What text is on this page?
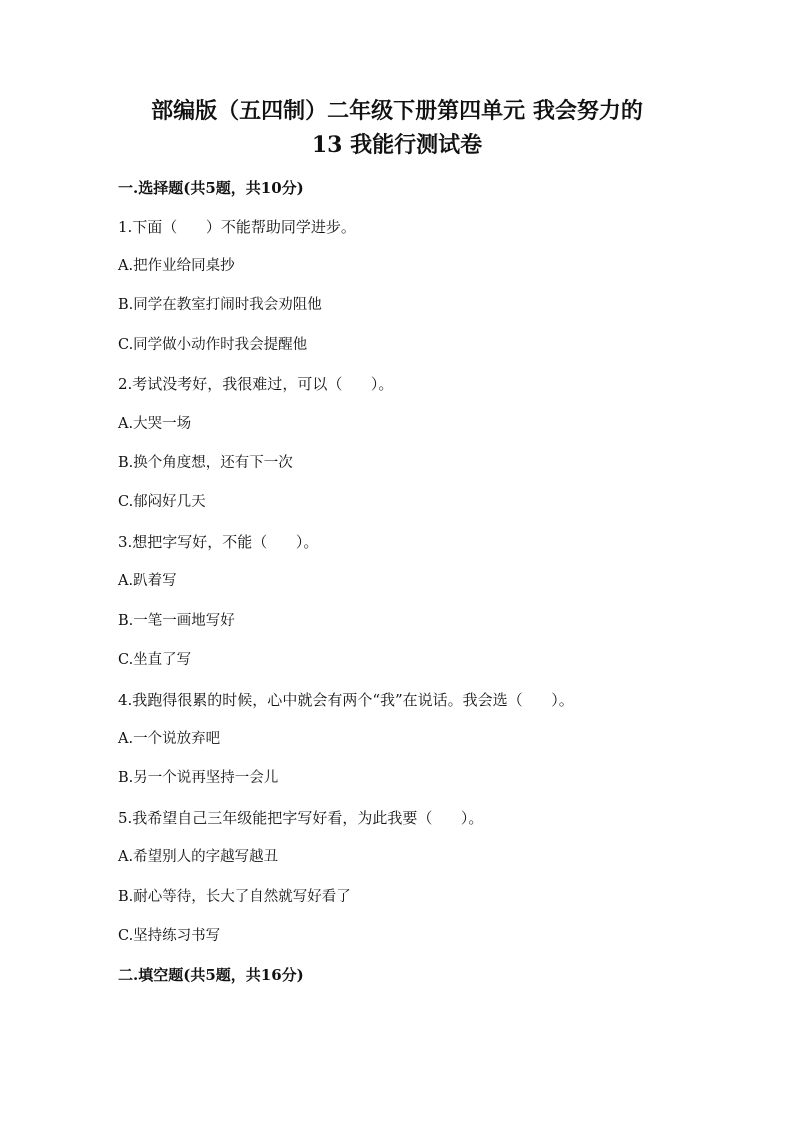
部编版（五四制）二年级下册第四单元 我会努力的
13 我能行测试卷
一.选择题(共5题，共10分)
1.下面（      ）不能帮助同学进步。
A.把作业给同桌抄
B.同学在教室打闹时我会劝阻他
C.同学做小动作时我会提醒他
2.考试没考好，我很难过，可以（      ）。
A.大哭一场
B.换个角度想，还有下一次
C.郁闷好几天
3.想把字写好，不能（      ）。
A.趴着写
B.一笔一画地写好
C.坐直了写
4.我跑得很累的时候，心中就会有两个“我”在说话。我会选（      ）。
A.一个说放弃吧
B.另一个说再坚持一会儿
5.我希望自己三年级能把字写好看，为此我要（      ）。
A.希望别人的字越写越丑
B.耐心等待，长大了自然就写好看了
C.坚持练习书写
二.填空题(共5题，共16分)
